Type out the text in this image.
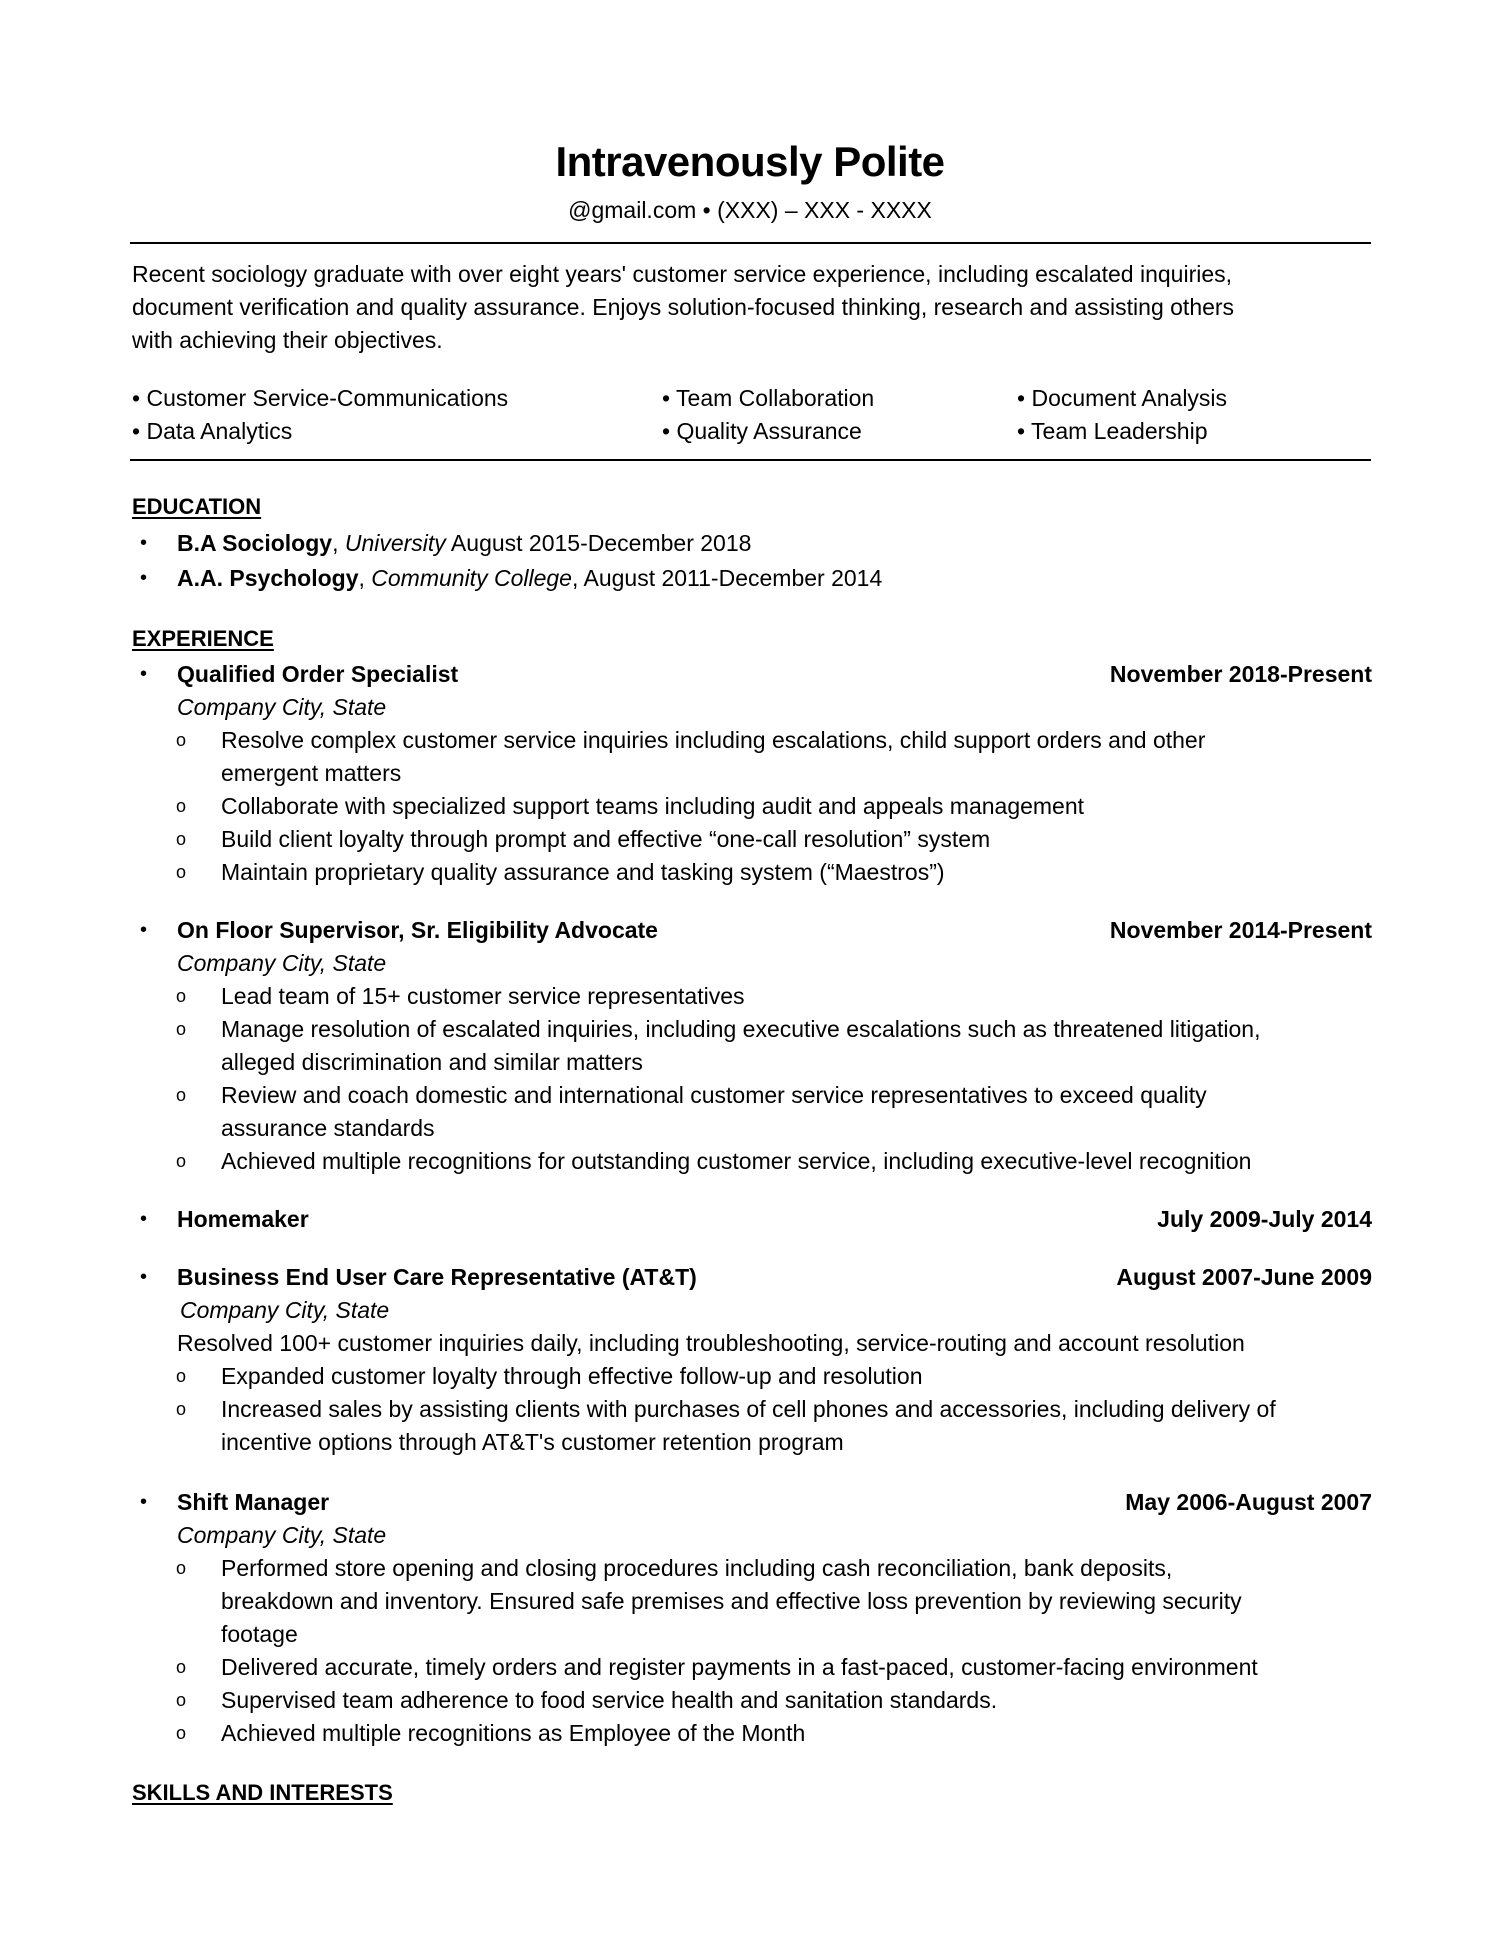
Intravenously Polite
@gmail.com • (XXX) – XXX - XXXX
Recent sociology graduate with over eight years' customer service experience, including escalated inquiries,
document verification and quality assurance. Enjoys solution-focused thinking, research and assisting others
with achieving their objectives.
• Customer Service-Communications	• Team Collaboration	• Document Analysis
• Data Analytics	• Quality Assurance	• Team Leadership
EDUCATION
• B.A Sociology, University August 2015-December 2018
• A.A. Psychology, Community College, August 2011-December 2014
EXPERIENCE
• Qualified Order Specialist	November 2018-Present
Company City, State
o Resolve complex customer service inquiries including escalations, child support orders and other
emergent matters
o Collaborate with specialized support teams including audit and appeals management
o Build client loyalty through prompt and effective “one-call resolution” system
o Maintain proprietary quality assurance and tasking system (“Maestros”)
• On Floor Supervisor, Sr. Eligibility Advocate	November 2014-Present
Company City, State
o Lead team of 15+ customer service representatives
o Manage resolution of escalated inquiries, including executive escalations such as threatened litigation,
alleged discrimination and similar matters
o Review and coach domestic and international customer service representatives to exceed quality
assurance standards
o Achieved multiple recognitions for outstanding customer service, including executive-level recognition
• Homemaker	July 2009-July 2014
• Business End User Care Representative (AT&T)	August 2007-June 2009
Company City, State
Resolved 100+ customer inquiries daily, including troubleshooting, service-routing and account resolution
o Expanded customer loyalty through effective follow-up and resolution
o Increased sales by assisting clients with purchases of cell phones and accessories, including delivery of
incentive options through AT&T's customer retention program
• Shift Manager	May 2006-August 2007
Company City, State
o Performed store opening and closing procedures including cash reconciliation, bank deposits,
breakdown and inventory. Ensured safe premises and effective loss prevention by reviewing security
footage
o Delivered accurate, timely orders and register payments in a fast-paced, customer-facing environment
o Supervised team adherence to food service health and sanitation standards.
o Achieved multiple recognitions as Employee of the Month
SKILLS AND INTERESTS
